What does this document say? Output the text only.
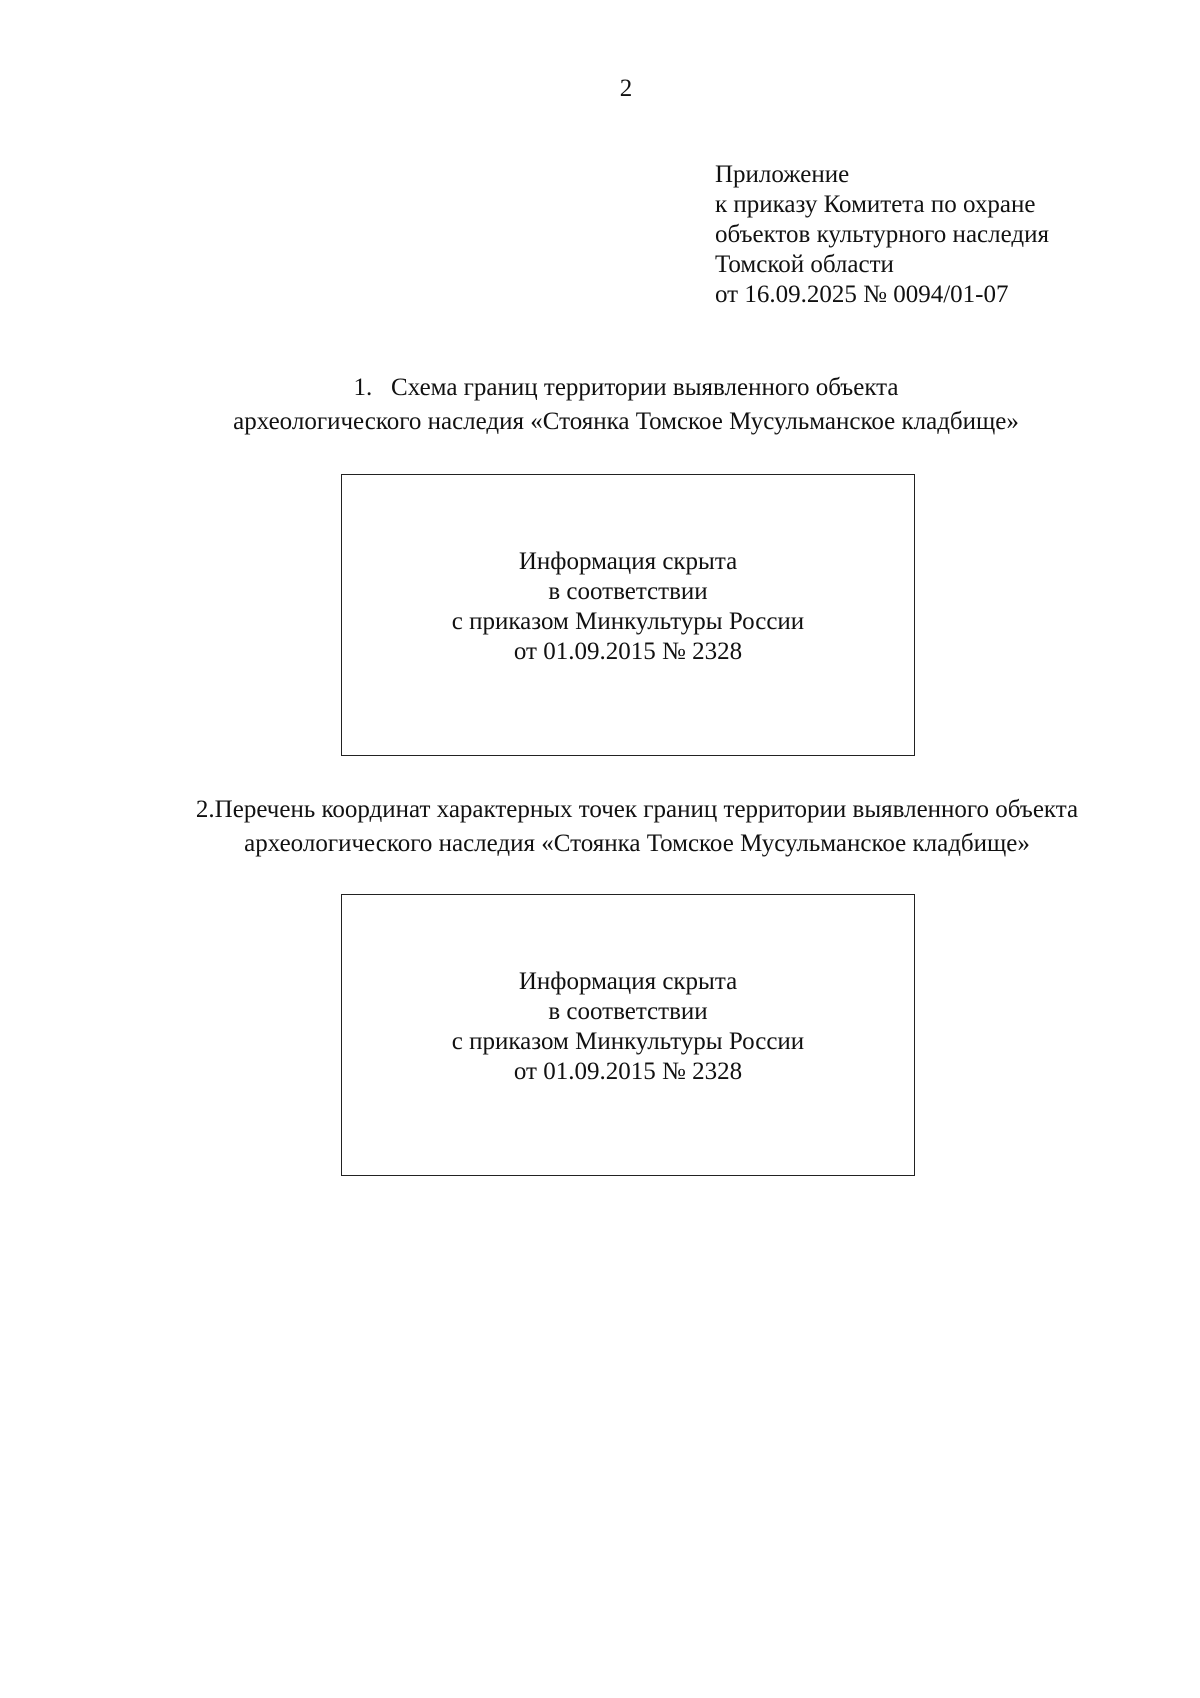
2
Приложение
к приказу Комитета по охране
объектов культурного наследия
Томской области
от 16.09.2025 № 0094/01-07
1.   Схема границ территории выявленного объекта
археологического наследия «Стоянка Томское Мусульманское кладбище»
Информация скрыта
в соответствии
с приказом Минкультуры России
от 01.09.2015 № 2328
2.Перечень координат характерных точек границ территории выявленного объекта
археологического наследия «Стоянка Томское Мусульманское кладбище»
Информация скрыта
в соответствии
с приказом Минкультуры России
от 01.09.2015 № 2328
